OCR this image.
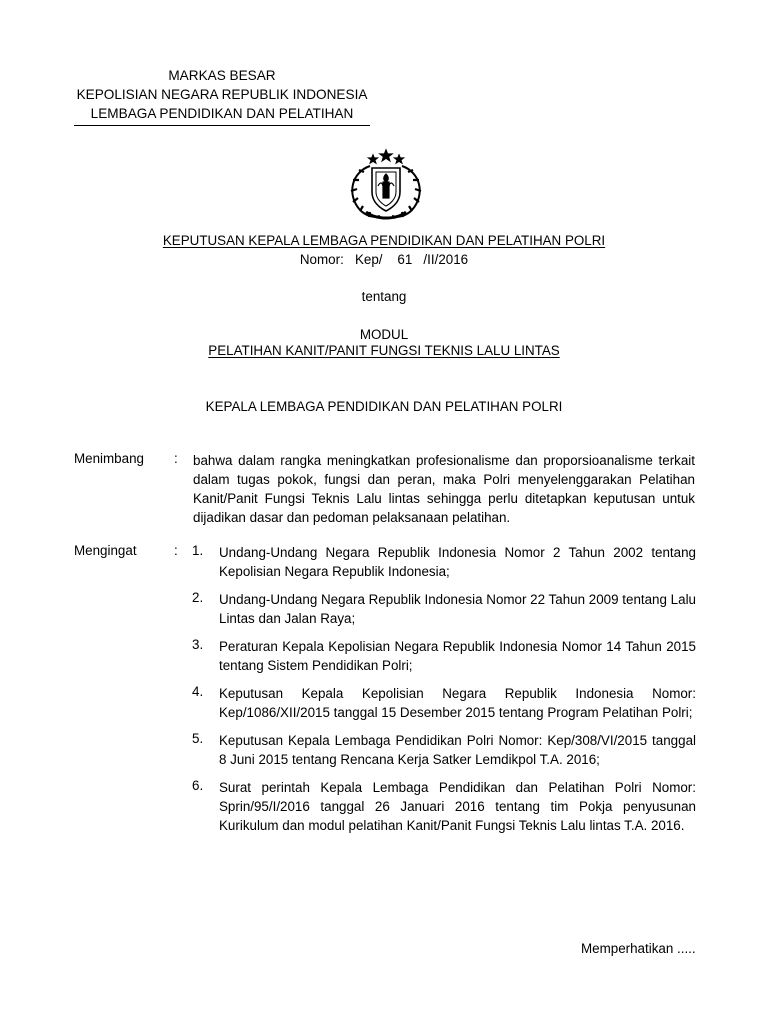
MARKAS BESAR
KEPOLISIAN NEGARA REPUBLIK INDONESIA
LEMBAGA PENDIDIKAN DAN PELATIHAN
KEPUTUSAN KEPALA LEMBAGA PENDIDIKAN DAN PELATIHAN POLRI
Nomor:   Kep/    61   /II/2016
tentang
MODUL
PELATIHAN KANIT/PANIT FUNGSI TEKNIS LALU LINTAS
KEPALA LEMBAGA PENDIDIKAN DAN PELATIHAN POLRI
Menimbang : bahwa dalam rangka meningkatkan profesionalisme dan proporsioanalisme terkait dalam tugas pokok, fungsi dan peran, maka Polri menyelenggarakan Pelatihan Kanit/Panit Fungsi Teknis Lalu lintas sehingga perlu ditetapkan keputusan untuk dijadikan dasar dan pedoman pelaksanaan pelatihan.
Mengingat	: 1. Undang-Undang Negara Republik Indonesia Nomor 2 Tahun 2002 tentang Kepolisian Negara Republik Indonesia;
2. Undang-Undang Negara Republik Indonesia Nomor 22 Tahun 2009 tentang Lalu Lintas dan Jalan Raya;
3. Peraturan Kepala Kepolisian Negara Republik Indonesia Nomor 14 Tahun 2015 tentang Sistem Pendidikan Polri;
4. Keputusan Kepala Kepolisian Negara Republik Indonesia Nomor: Kep/1086/XII/2015 tanggal 15 Desember 2015 tentang Program Pelatihan Polri;
5. Keputusan Kepala Lembaga Pendidikan Polri Nomor: Kep/308/VI/2015 tanggal 8 Juni 2015 tentang Rencana Kerja Satker Lemdikpol T.A. 2016;
6. Surat perintah Kepala Lembaga Pendidikan dan Pelatihan Polri Nomor: Sprin/95/I/2016 tanggal 26 Januari 2016 tentang tim Pokja penyusunan Kurikulum dan modul pelatihan Kanit/Panit Fungsi Teknis Lalu lintas T.A. 2016.
Memperhatikan .....
